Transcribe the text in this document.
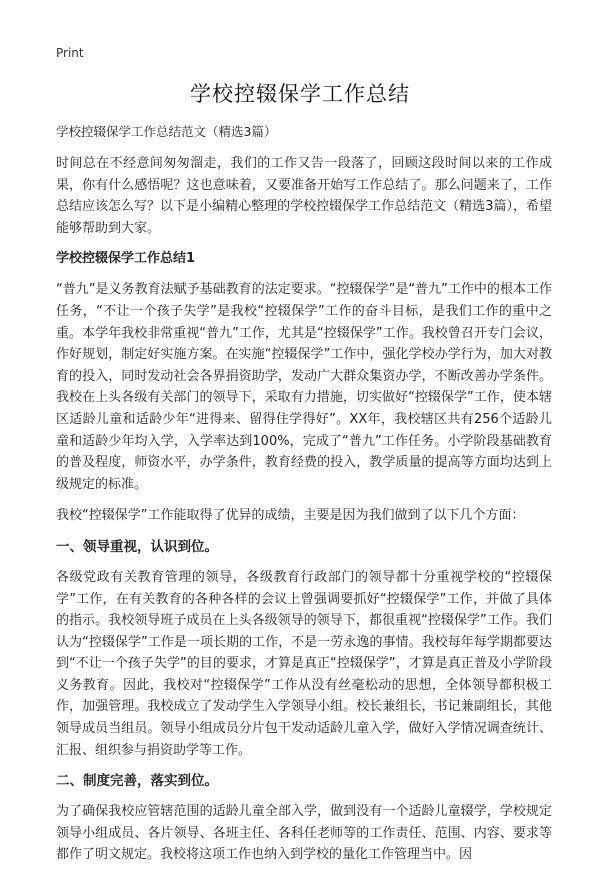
Print
学校控辍保学工作总结

学校控辍保学工作总结范文（精选3篇）

时间总在不经意间匆匆溜走，我们的工作又告一段落了，回顾这段时间以来的工作成果，你有什么感悟呢？这也意味着，又要准备开始写工作总结了。那么问题来了，工作总结应该怎么写？以下是小编精心整理的学校控辍保学工作总结范文（精选3篇），希望能够帮助到大家。

学校控辍保学工作总结1

“普九”是义务教育法赋予基础教育的法定要求。“控辍保学”是“普九”工作中的根本工作任务，“不让一个孩子失学”是我校“控辍保学”工作的奋斗目标，是我们工作的重中之重。本学年我校非常重视“普九”工作，尤其是“控辍保学”工作。我校曾召开专门会议，作好规划，制定好实施方案。在实施“控辍保学”工作中，强化学校办学行为，加大对教育的投入，同时发动社会各界捐资助学，发动广大群众集资办学，不断改善办学条件。我校在上头各级有关部门的领导下，采取有力措施，切实做好“控辍保学”工作，使本辖区适龄儿童和适龄少年“进得来、留得住学得好”。XX年，我校辖区共有256个适龄儿童和适龄少年均入学，入学率达到100%，完成了“普九”工作任务。小学阶段基础教育的普及程度，师资水平，办学条件，教育经费的投入，教学质量的提高等方面均达到上级规定的标准。

我校“控辍保学”工作能取得了优异的成绩，主要是因为我们做到了以下几个方面：

一、领导重视，认识到位。

各级党政有关教育管理的领导，各级教育行政部门的领导都十分重视学校的“控辍保学”工作，在有关教育的各种各样的会议上曾强调要抓好“控辍保学”工作，并做了具体的指示。我校领导班子成员在上头各级领导的领导下，都很重视“控辍保学”工作。我们认为“控辍保学”工作是一项长期的工作，不是一劳永逸的事情。我校每年每学期都要达到“不让一个孩子失学”的目的要求，才算是真正“控辍保学”，才算是真正普及小学阶段义务教育。因此，我校对“控辍保学”工作从没有丝毫松动的思想，全体领导都积极工作，加强管理。我校成立了发动学生入学领导小组。校长兼组长，书记兼副组长，其他领导成员当组员。领导小组成员分片包干发动适龄儿童入学，做好入学情况调查统计、汇报、组织参与捐资助学等工作。

二、制度完善，落实到位。

为了确保我校应管辖范围的适龄儿童全部入学，做到没有一个适龄儿童辍学，学校规定领导小组成员、各片领导、各班主任、各科任老师等的工作责任、范围、内容、要求等都作了明文规定。我校将这项工作也纳入到学校的量化工作管理当中。因
